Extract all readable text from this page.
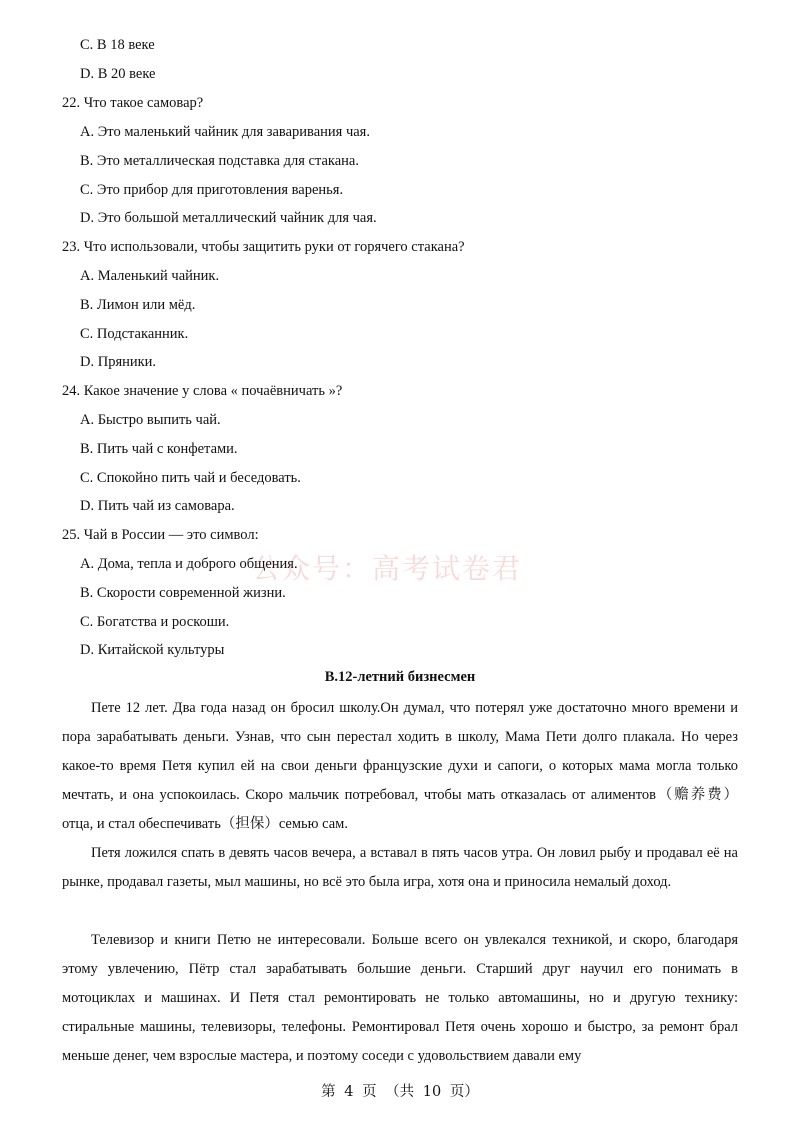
C. В 18 веке
D. В 20 веке
22. Что такое самовар?
A. Это маленький чайник для заваривания чая.
B. Это металлическая подставка для стакана.
C. Это прибор для приготовления варенья.
D. Это большой металлический чайник для чая.
23. Что использовали, чтобы защитить руки от горячего стакана?
A. Маленький чайник.
B. Лимон или мёд.
C. Подстаканник.
D. Пряники.
24. Какое значение у слова « почаёвничать »?
A. Быстро выпить чай.
B. Пить чай с конфетами.
C. Спокойно пить чай и беседовать.
D. Пить чай из самовара.
25. Чай в России — это символ:
A. Дома, тепла и доброго общения.
B. Скорости современной жизни.
C. Богатства и роскоши.
D. Китайской культуры
公众号：高考试卷君
B.12-летний бизнесмен
Пете 12 лет. Два года назад он бросил школу.Он думал, что потерял уже достаточно много времени и пора зарабатывать деньги. Узнав, что сын перестал ходить в школу, Мама Пети долго плакала. Но через какое-то время Петя купил ей на свои деньги французские духи и сапоги, о которых мама могла только мечтать, и она успокоилась. Скоро мальчик потребовал, чтобы мать отказалась от алиментов（赡养费）отца, и стал обеспечивать（担保）семью сам.
Петя ложился спать в девять часов вечера, а вставал в пять часов утра. Он ловил рыбу и продавал её на рынке, продавал газеты, мыл машины, но всё это была игра, хотя она и приносила немалый доход.
Телевизор и книги Петю не интересовали. Больше всего он увлекался техникой, и скоро, благодаря этому увлечению, Пётр стал зарабатывать большие деньги. Старший друг научил его понимать в мотоциклах и машинах. И Петя стал ремонтировать не только автомашины, но и другую технику: стиральные машины, телевизоры, телефоны. Ремонтировал Петя очень хорошо и быстро, за ремонт брал меньше денег, чем взрослые мастера, и поэтому соседи с удовольствием давали ему
第 4 页 （共 10 页）
